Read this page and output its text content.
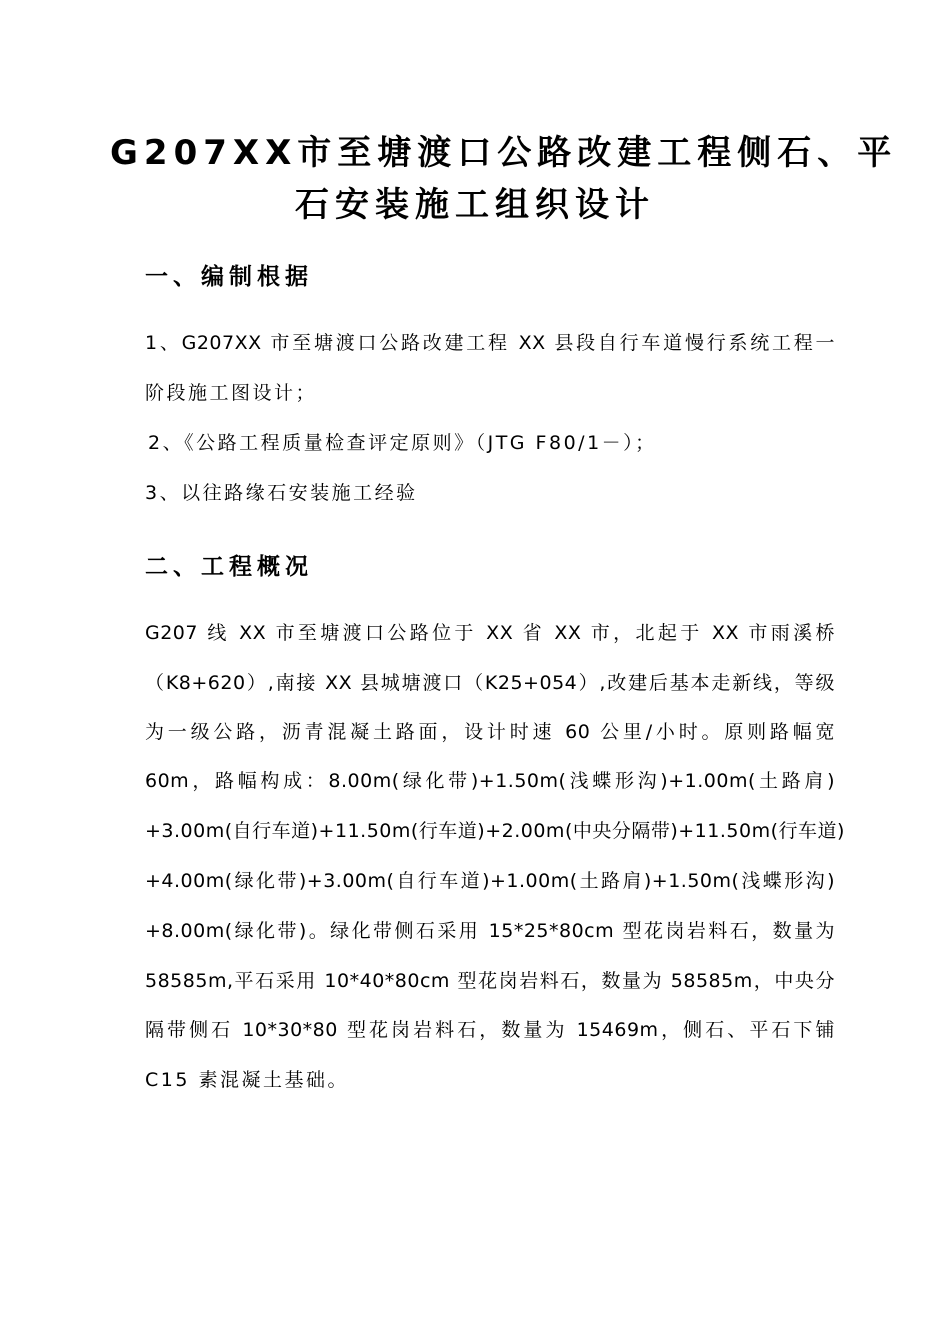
G207XX市至塘渡口公路改建工程侧石、平
石安装施工组织设计
一、编制根据
1、G207XX 市至塘渡口公路改建工程 XX 县段自行车道慢行系统工程一
阶段施工图设计；
2、《公路工程质量检查评定原则》（JTG F80/1－）；
3、以往路缘石安装施工经验
二、工程概况
G207 线 XX 市至塘渡口公路位于 XX 省 XX 市，北起于 XX 市雨溪桥
（K8+620）,南接 XX 县城塘渡口（K25+054）,改建后基本走新线，等级
为一级公路，沥青混凝土路面，设计时速 60 公里/小时。原则路幅宽
60m，路幅构成：8.00m(绿化带)+1.50m(浅蝶形沟)+1.00m(土路肩)
+3.00m(自行车道)+11.50m(行车道)+2.00m(中央分隔带)+11.50m(行车道)
+4.00m(绿化带)+3.00m(自行车道)+1.00m(土路肩)+1.50m(浅蝶形沟)
+8.00m(绿化带)。绿化带侧石采用 15*25*80cm 型花岗岩料石，数量为
58585m,平石采用 10*40*80cm 型花岗岩料石，数量为 58585m，中央分
隔带侧石 10*30*80 型花岗岩料石，数量为 15469m，侧石、平石下铺
C15 素混凝土基础。
